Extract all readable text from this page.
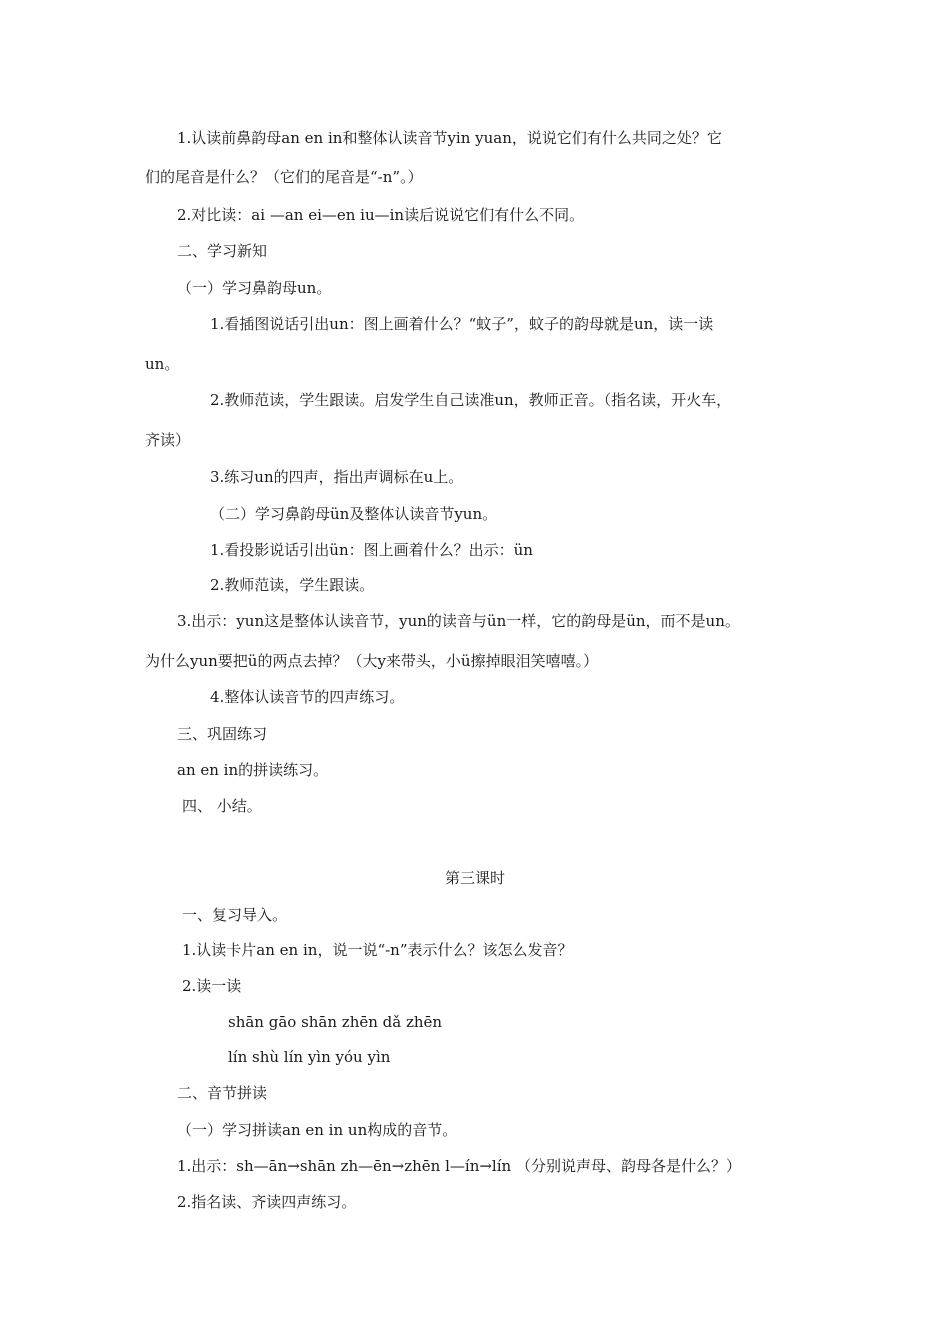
1.认读前鼻韵母an en in和整体认读音节yin yuan，说说它们有什么共同之处？它
们的尾音是什么？（它们的尾音是“-n”。）
2.对比读：ai —an ei—en iu—in读后说说它们有什么不同。
二、学习新知
（一）学习鼻韵母un。
1.看插图说话引出un：图上画着什么？“蚊子”，蚊子的韵母就是un，读一读
un。
2.教师范读，学生跟读。启发学生自己读准un，教师正音。（指名读，开火车，
齐读）
3.练习un的四声，指出声调标在u上。
（二）学习鼻韵母ün及整体认读音节yun。
1.看投影说话引出ün：图上画着什么？出示：ün
2.教师范读，学生跟读。
3.出示：yun这是整体认读音节，yun的读音与ün一样，它的韵母是ün，而不是un。
为什么yun要把ü的两点去掉？（大y来带头，小ü擦掉眼泪笑嘻嘻。）
4.整体认读音节的四声练习。
三、巩固练习
an en in的拼读练习。
四、 小结。
第三课时
一、复习导入。
1.认读卡片an en in，说一说“-n”表示什么？该怎么发音？
2.读一读
shān gāo shān zhēn dǎ zhēn
lín shù lín yìn yóu yìn
二、音节拼读
（一）学习拼读an en in un构成的音节。
1.出示：sh—ān→shān zh—ēn→zhēn l—ín→lín （分别说声母、韵母各是什么？）
2.指名读、齐读四声练习。
